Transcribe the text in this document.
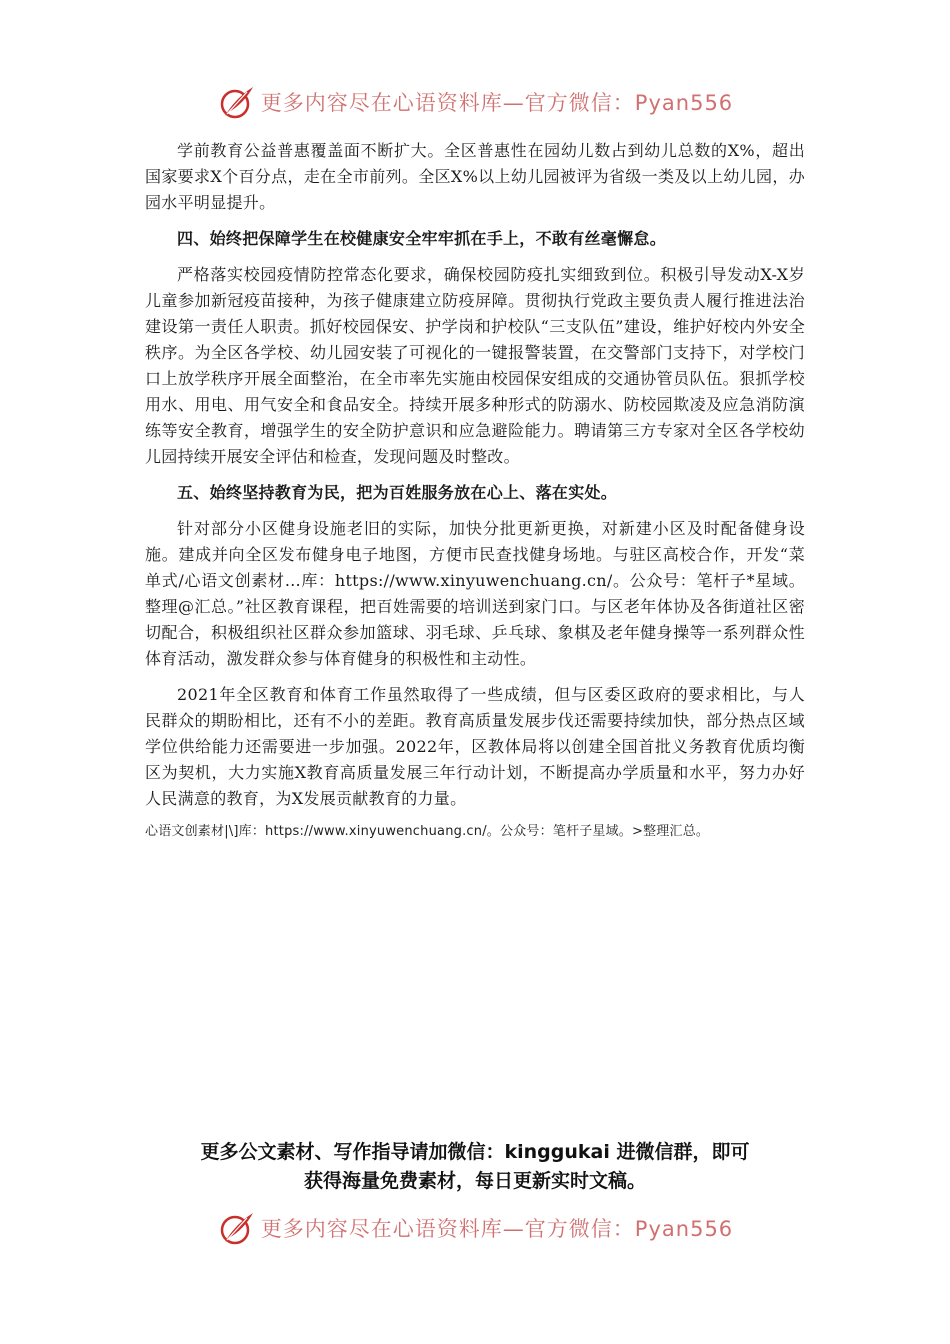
更多内容尽在心语资料库—官方微信：Pyan556

学前教育公益普惠覆盖面不断扩大。全区普惠性在园幼儿数占到幼儿总数的X%，超出国家要求X个百分点，走在全市前列。全区X%以上幼儿园被评为省级一类及以上幼儿园，办园水平明显提升。

四、始终把保障学生在校健康安全牢牢抓在手上，不敢有丝毫懈怠。

严格落实校园疫情防控常态化要求，确保校园防疫扎实细致到位。积极引导发动X-X岁儿童参加新冠疫苗接种，为孩子健康建立防疫屏障。贯彻执行党政主要负责人履行推进法治建设第一责任人职责。抓好校园保安、护学岗和护校队“三支队伍”建设，维护好校内外安全秩序。为全区各学校、幼儿园安装了可视化的一键报警装置，在交警部门支持下，对学校门口上放学秩序开展全面整治，在全市率先实施由校园保安组成的交通协管员队伍。狠抓学校用水、用电、用气安全和食品安全。持续开展多种形式的防溺水、防校园欺凌及应急消防演练等安全教育，增强学生的安全防护意识和应急避险能力。聘请第三方专家对全区各学校幼儿园持续开展安全评估和检查，发现问题及时整改。

五、始终坚持教育为民，把为百姓服务放在心上、落在实处。

针对部分小区健身设施老旧的实际，加快分批更新更换，对新建小区及时配备健身设施。建成并向全区发布健身电子地图，方便市民查找健身场地。与驻区高校合作，开发“菜单式/心语文创素材…库：https://www.xinyuwenchuang.cn/。公众号：笔杆子*星域。整理@汇总。”社区教育课程，把百姓需要的培训送到家门口。与区老年体协及各街道社区密切配合，积极组织社区群众参加篮球、羽毛球、乒乓球、象棋及老年健身操等一系列群众性体育活动，激发群众参与体育健身的积极性和主动性。

2021年全区教育和体育工作虽然取得了一些成绩，但与区委区政府的要求相比，与人民群众的期盼相比，还有不小的差距。教育高质量发展步伐还需要持续加快，部分热点区域学位供给能力还需要进一步加强。2022年，区教体局将以创建全国首批义务教育优质均衡区为契机，大力实施X教育高质量发展三年行动计划，不断提高办学质量和水平，努力办好人民满意的教育，为X发展贡献教育的力量。

心语文创素材|\]库：https://www.xinyuwenchuang.cn/。公众号：笔杆子星域。>整理汇总。

更多公文素材、写作指导请加微信：kinggukai 进微信群，即可
获得海量免费素材，每日更新实时文稿。
更多内容尽在心语资料库—官方微信：Pyan556
